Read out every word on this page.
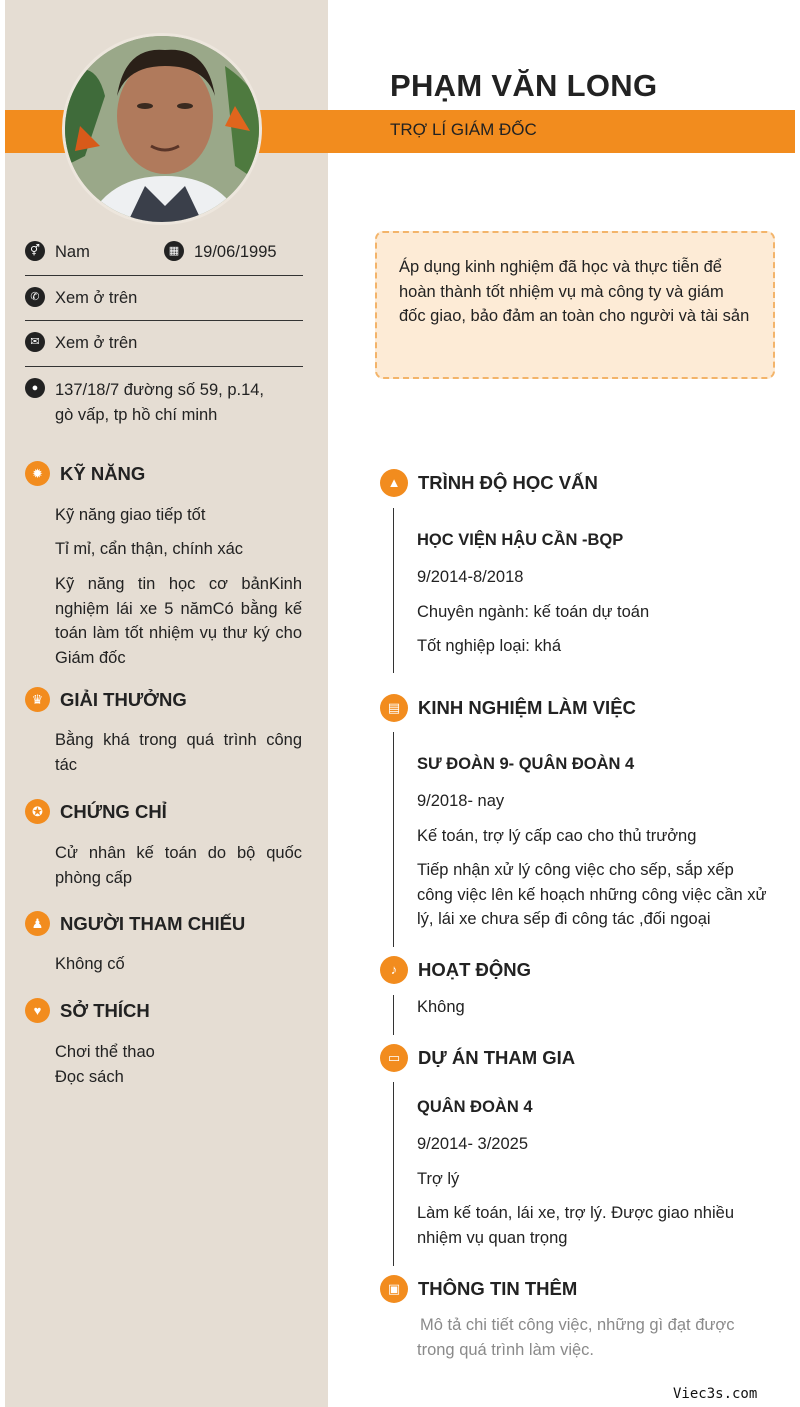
PHẠM VĂN LONG
TRỢ LÍ GIÁM ĐỐC
⚥ Nam	▦ 19/06/1995
✆ Xem ở trên
✉ Xem ở trên
●	137/18/7 đường số 59, p.14,
gò vấp, tp hồ chí minh
✹ KỸ NĂNG
Kỹ năng giao tiếp tốt
Tỉ mỉ, cẩn thận, chính xác
Kỹ năng tin học cơ bảnKinh nghiệm lái xe 5 nămCó bằng kế toán làm tốt nhiệm vụ thư ký cho Giám đốc
♛ GIẢI THƯỞNG
Bằng khá trong quá trình công tác
✪ CHỨNG CHỈ
Cử nhân kế toán do bộ quốc phòng cấp
♟ NGƯỜI THAM CHIẾU
Không cố
♥	SỞ THÍCH
Chơi thể thao
Đọc sách
Áp dụng kinh nghiệm đã học và thực tiễn để hoàn thành tốt nhiệm vụ mà công ty và giám đốc giao, bảo đảm an toàn cho người và tài sản
▲ TRÌNH ĐỘ HỌC VẤN
HỌC VIỆN HẬU CẦN -BQP
9/2014-8/2018
Chuyên ngành: kế toán dự toán
Tốt nghiệp loại: khá
▤ KINH NGHIỆM LÀM VIỆC
SƯ ĐOÀN 9- QUÂN ĐOÀN 4
9/2018- nay
Kế toán, trợ lý cấp cao cho thủ trưởng
Tiếp nhận xử lý công việc cho sếp, sắp xếp công việc lên kế hoạch những công việc cần xử lý, lái xe chưa sếp đi công tác ,đối ngoại
♪	HOẠT ĐỘNG
Không
▭ DỰ ÁN THAM GIA
QUÂN ĐOÀN 4
9/2014- 3/2025
Trợ lý
Làm kế toán, lái xe, trợ lý. Được giao nhiều nhiệm vụ quan trọng
▣ THÔNG TIN THÊM
Mô tả chi tiết công việc, những gì đạt được trong quá trình làm việc.
Viec3s.com
